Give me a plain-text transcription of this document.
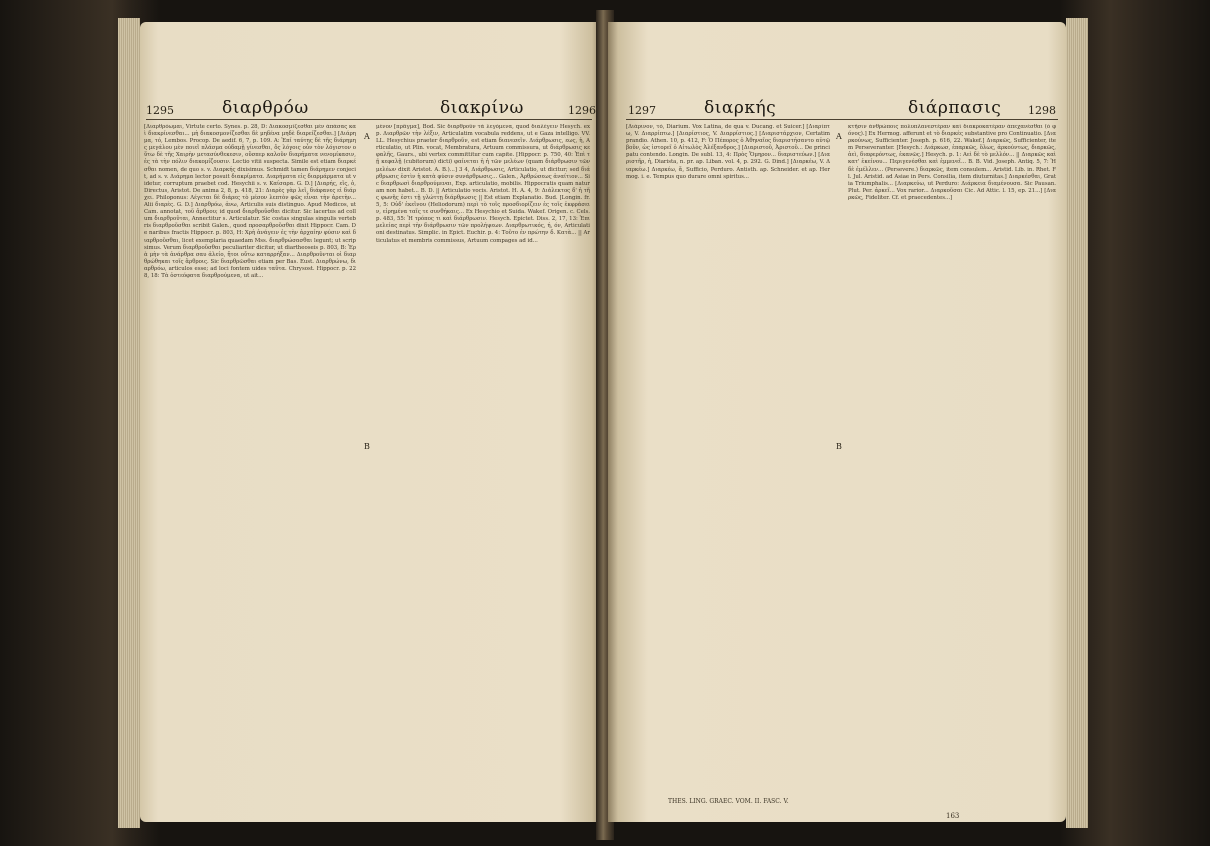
1295	διαρθρόω	διακρίνω	1296
[Διαρθρόωμαι, Virtute certo. Synes. p. 28, D: Διακοσμίζεσθαι μὲν ἀπάσας καὶ διακρίνεσθαι... μὴ διακοσμονίζεσθαι δὲ μηδένα μηδὲ διαρείζεσθαι.] [Διάρημα, τό, Lembos. Procop. De aedif. 6, 7, p. 109. A: Ἐπί ταύτης δὲ τῆς διάρημης μεγάλου μὲν ποιεῖ πλάσμα οὐδαμῇ γίνεσθαι, ὅς λόγοις οὖν τὸν λόγιστον οὕτω δὲ τῆς Χαιρὴν μετασύνθεκεσιν, οὕσπερ καλοῦν διαρήματα νενομίκασιν, ἐς τὰ τὴν πόλιν διακομίζουσιν. Lectio vitii suspecta. Simile est etiam διαρκέσθαι nomen, de quo s. v. Διαρκής dixisimus. Schmidt tamen διάρημεν conjecit, ad s. v. Διάρημα lector posuit διακρίματα. Διαρήματα εἰς διαρμάρματα ut videtur, corruptum praebet cod. Hesychii s. v. Καίσαρα. G. D.] [Διαρής, εῖς, ὁ, Directus, Aristot. De anima 2, 8, p. 418, 21: Διαρὲς γὰρ λεῖ, διάφανες εἰ διάρχει. Philoponus: Λέγεται δὲ διάρες τὸ μέσον λεπτὸν φῶς εἶναι τὴν ἀρετὴν... Alii διαρὲς. G. D.] Διαρθρόω, ἀνω, Articulis suis distinguo. Apud Medicos, ut Cam. annotat, τοῦ ἄρθρου; id quod διαρθροῦσθαι dicitur. Sic lacertus ad collum διαρθροῦται, Annectitur s. Articulatur. Sic costas singulas singulis vertebris διαρθροῦσθαι scribit Galen., quod προσαρθροῦσθαι dixit Hippocr. Cam. De naribus fractis Hippocr. p. 803, H: Χρὴ ἀνάγειν ἐς τὴν ἀρχαίην φύσιν καὶ διαρθροῦσθαι, licet exemplaria quaedam Mss. διαρθρώσασθαι legunt; ut scripsimus. Verum διαρθροῦσθαι peculiariter dicitur, ut diartheoseis p. 803, B: Ἐρὰ μὴν τὰ ἀνάρθρα σαυ ἀλείο, ἤτοι οὔτω καταρρήξαν... Διαρθροῦνται οἱ διαρθρώθηκαι τοῖς ἄρθροις. Sic διαρθρῶσθαι etiam per Bas. Eust. Διαρθρώνω, διαρθρόω, articulos esse; ad loci fontem uides ταῦτα. Chrysost. Hippocr. p. 228, 18: Τὰ ὀστεόφατα διαρθρούμενα, ut ait...
A
B
μένον [πρᾶγμα], Bod. Sic διαρθροῦν τὰ λεγόμενα, quod διαλέγειν Hesych. exp. Διαρθρῶν τὴν λέξιν, Articulatim vocabula reddens, ut e Gaza intelligo. VV. LL. Hesychius praeter διαρθροῦν, est etiam διανεσεῖν. Διάρθρωσις, εως, ἡ, Articulatio, ut Plin. vocat, Membratura, Artuum commissura, ut διάρθρωσις κεφαλῆς, Gaurs., ubi vertex committitur cum capite. [Hippocr. p. 750, 40: Ἐπὶ τῇ κεφαλῇ (cubitorum) dicti) φαίνεται ἡ ἡ τῶν μελέων (quam διάρθρωσιν τῶν μελέων dixit Aristot. A. B.)...] 3 4, Διάρθρωσις, Articulatio, ut dicitur; sed διάρθρωσις ἐστὶν ἡ κατὰ φύσιν συνάρθρωσις... Galen., Ἀρθρώσεως ἀναίτιον... Sic διαρθρωσὶ διαρθρούμεναι, Exp. articulatio, mobilis. Hippocratis quam naturam non habet... B. D. || Articulatio vocis. Aristot. H. A. 4, 9: Διάλεκτος δ' ἡ τῆς φωνῆς ἐστι τῇ γλώττῃ διάρθρωσις || Est etiam Explanatio. Bud. [Longin. fr. 5, 5: Οὐδ' ἐκεῖνου (Heliodorum) περὶ τὸ τοῖς προσδιορίζειν ἐς τοῖς ἐκφράσειν, εἰρημένα ταῖς τε συνθήκαις... Ex Hesychio et Suida. Wakef. Origen. c. Cels. p. 483, 55: Ἡ τρόπος τι καὶ διάρθρωσιν. Hesych. Epictet. Diss. 2, 17, 13: Ἐπιμελείας περὶ τὴν διάρθρωσιν τῶν προλήψεων. Διαρθρωτικός, ή, όν, Articulationi destinatus. Simplic. in Epict. Euchir. p. 4: Τοῦτο ἐν πρώτην δ. Κατὰ... || Articulatus et membris commissus, Artuum compages ad id...
1297	διαρκής	διάρπασις 1298
[Διάρινον, τό, Diarium. Vox Latina, de qua v. Ducang. et Suicer.] [Διαρίπτω, V. Διαρρίπτω.] [Διαρίστιος, V. Διαρρίστιος.] [Διαριστάρχιον, Certatim prandio. Athen. 10, p. 412, F: Ὁ Πέπορος ὁ Ἀθηναῖος διαριστήσαντο αὐτῷ βοῦν, ὡς ἱστορεῖ ὁ Αἰτωλὸς Ἀλέξανδρος.] [Διαριστοῦ, Ἀριστοῦ... De principatu contendo. Longin. De subl. 13, 4: Πρὸς Ὅμηρον... διαριστεύων.] [Διαριστῆρ, ἡ, Diarista, n. pr. ap. Liban. vol. 4, p. 292. G. Dind.] [Διαρκέω, V. Διαρκέω.] Διαρκέω, ἄ, Sufficio, Perduro. Antisth. ap. Schneider. et ap. Hermog. i. e. Tempus quo durare omni spiritus...
A
B
κτῆσιν ἀνθρώποις πολυπλανεστέραν καὶ διακροκατέραν ἀπεχανέσθαι (ὁ φόνος).] Ex Hermog. afferunt et τὸ διαρκὲς substantive pro Continuatio. [Διαρκούνως, Sufficienter. Joseph. p. 616, 22. Wakef.] Διαρκῶς, Sufficienter, item Perseveranter. [Hesych.: Διάρκωσ, ἐπαρκῶς, ὅλως, ἀρκούντως, διαρκῶς, ἀεὶ, διαφερόντως, ἐκανῶς.] Hesych. p. 1: Αεὶ δὲ τὸ μελλόν... || Διαρκῶς καὶ κατ' ἐκείνου... Περιγενέσθαι καὶ ἐμμενεῖ... B. B. Vid. Joseph. Antiq. 5, 7: Ἡ δὲ ἐμέλλεν... (Persevere.) διαρκῶς, item consulem... Aristid. Lib. in. Rhet. Fl. Jul. Aristid. ad Asiae in Pers. Consilia, item diuturnitas.] Διαρκέσθαι, Gratia Triumphalis... [Διαρκεύω, ut Perduro: Διάρκεια διαμένουσα. Sic Pausan. Plut. Per. ἀρκεῖ... Vox rarior... Διαρκοῦσαι Cic. Ad Attic. l. 15, ep. 21...] [Διαρκῶς, Fideliter. Cf. et praecedentes...]
THES. LING. GRAEC. VOM. II. FASC. V.
163
